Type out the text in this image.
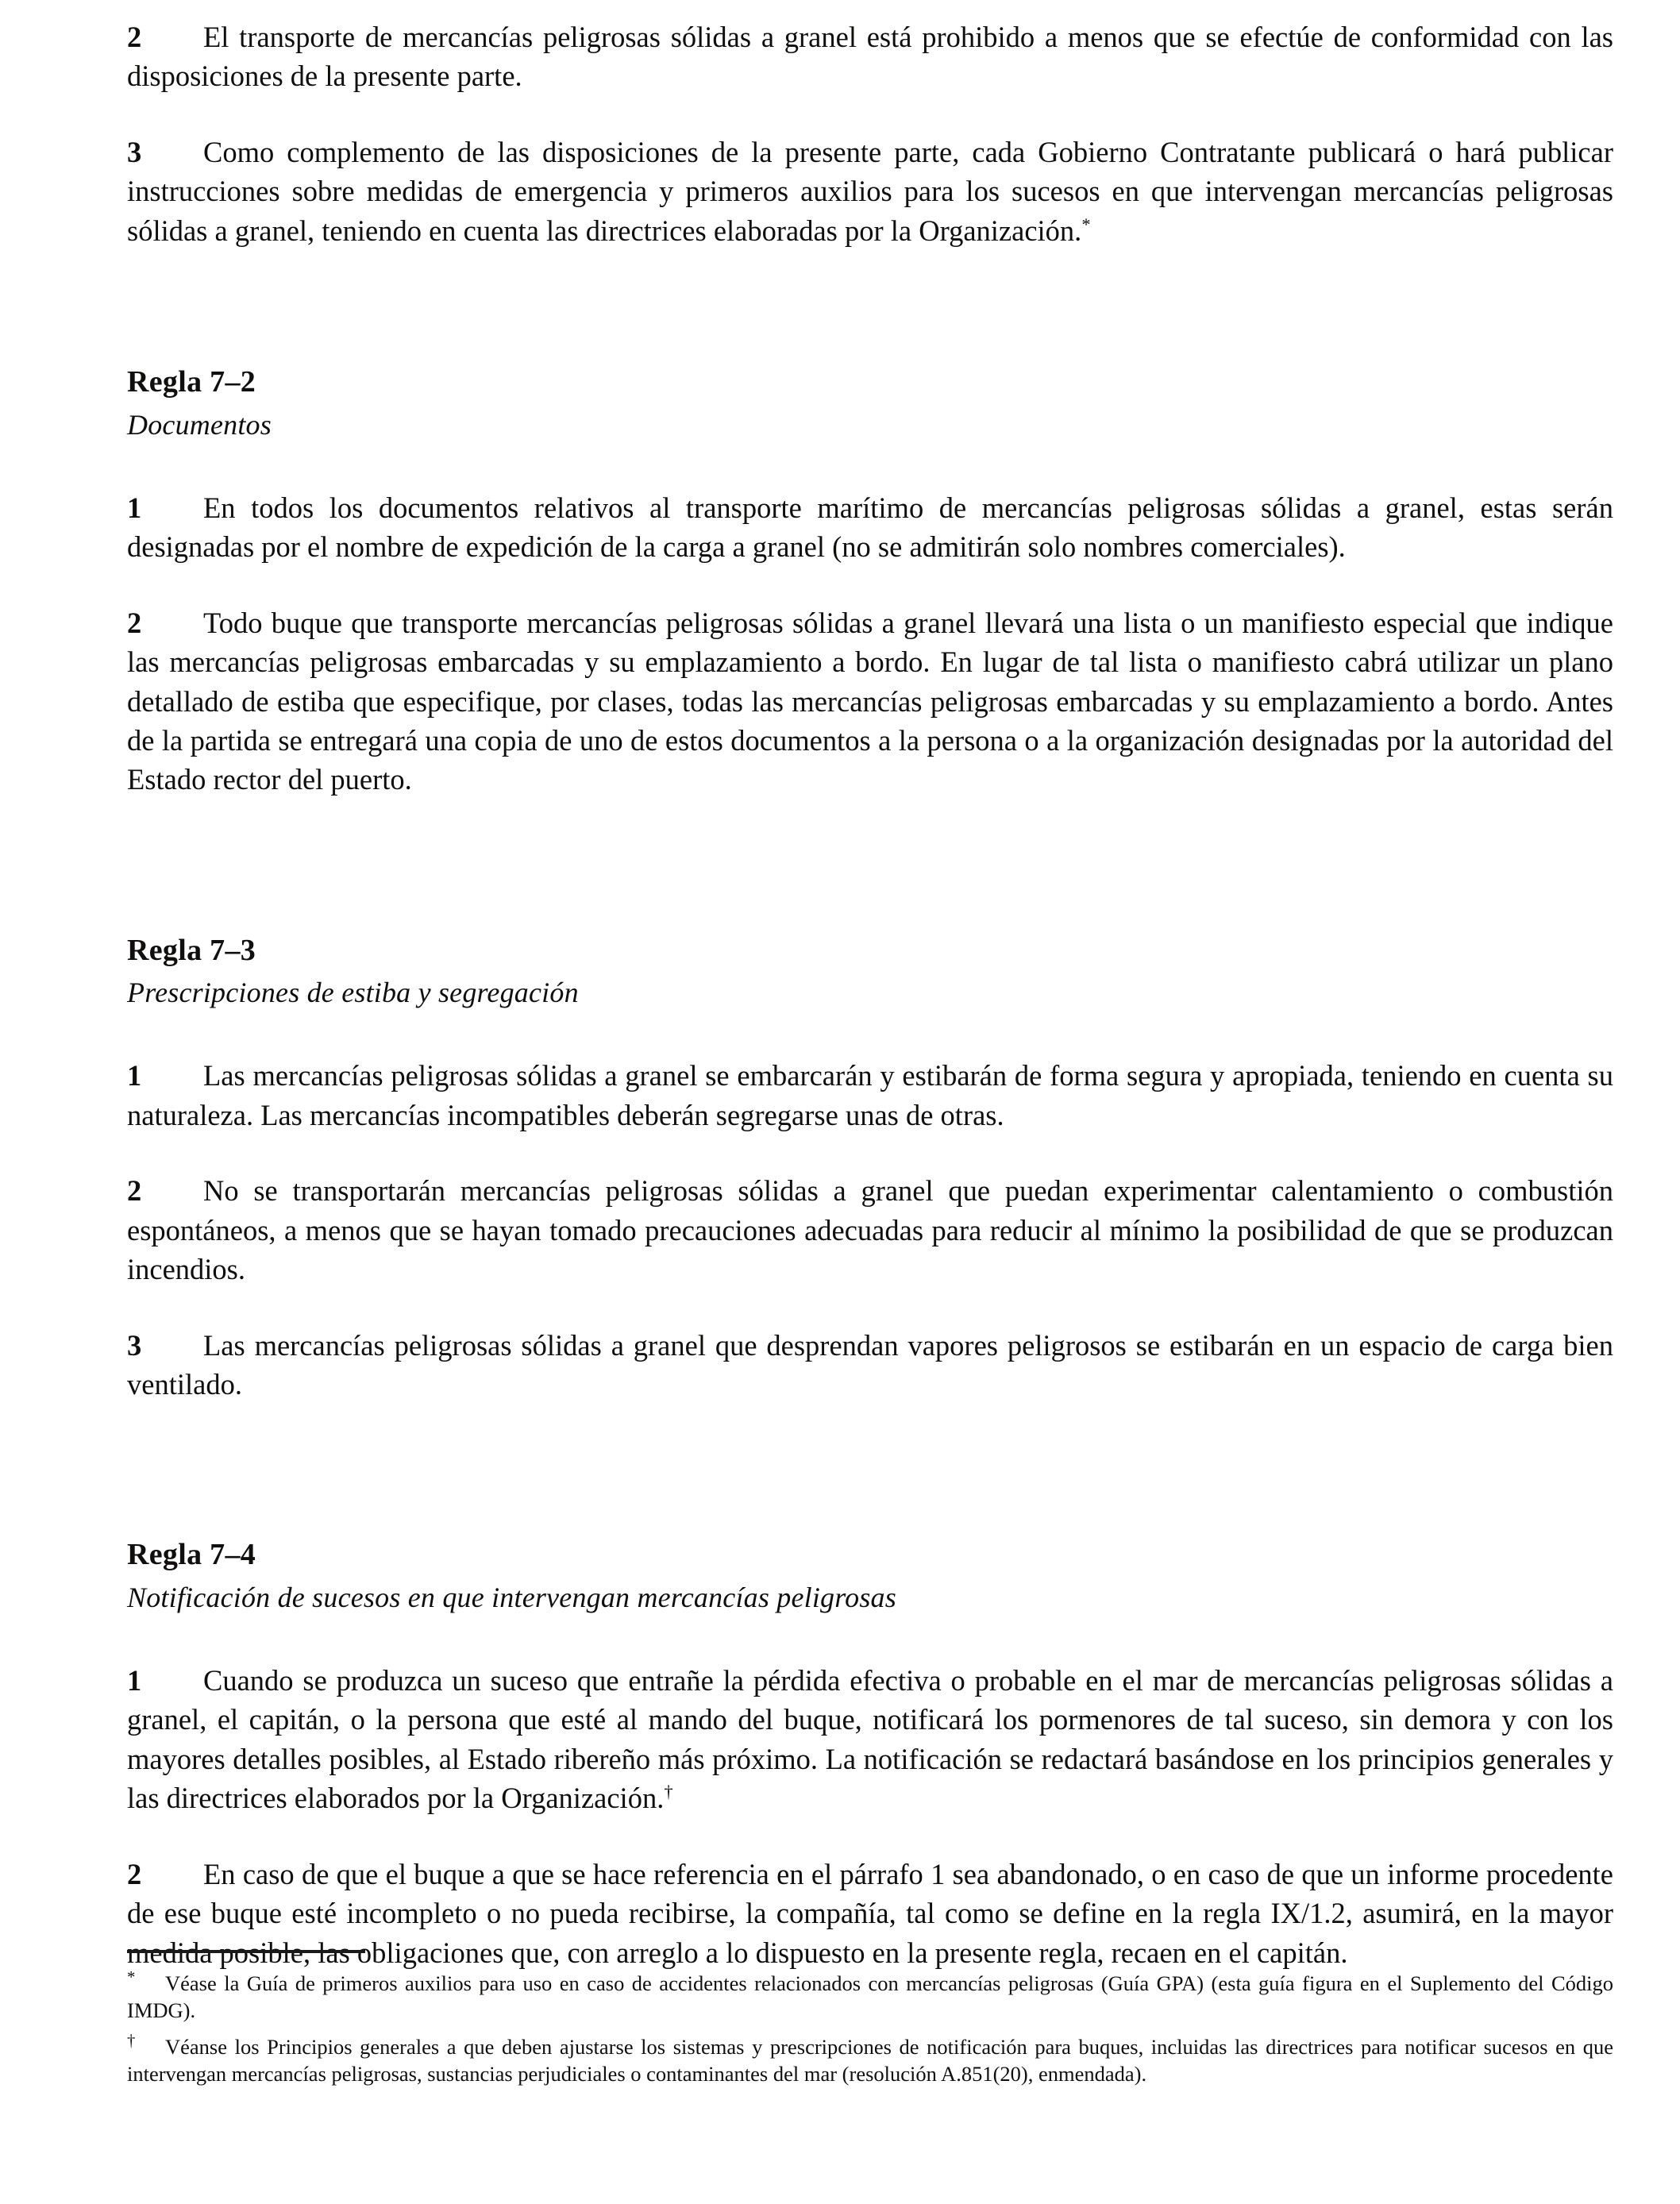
2 El transporte de mercancías peligrosas sólidas a granel está prohibido a menos que se efectúe de conformidad con las disposiciones de la presente parte.

3 Como complemento de las disposiciones de la presente parte, cada Gobierno Contratante publicará o hará publicar instrucciones sobre medidas de emergencia y primeros auxilios para los sucesos en que intervengan mercancías peligrosas sólidas a granel, teniendo en cuenta las directrices elaboradas por la Organización.*

Regla 7–2
Documentos

1 En todos los documentos relativos al transporte marítimo de mercancías peligrosas sólidas a granel, estas serán designadas por el nombre de expedición de la carga a granel (no se admitirán solo nombres comerciales).

2 Todo buque que transporte mercancías peligrosas sólidas a granel llevará una lista o un manifiesto especial que indique las mercancías peligrosas embarcadas y su emplazamiento a bordo. En lugar de tal lista o manifiesto cabrá utilizar un plano detallado de estiba que especifique, por clases, todas las mercancías peligrosas embarcadas y su emplazamiento a bordo. Antes de la partida se entregará una copia de uno de estos documentos a la persona o a la organización designadas por la autoridad del Estado rector del puerto.

Regla 7–3
Prescripciones de estiba y segregación

1 Las mercancías peligrosas sólidas a granel se embarcarán y estibarán de forma segura y apropiada, teniendo en cuenta su naturaleza. Las mercancías incompatibles deberán segregarse unas de otras.

2 No se transportarán mercancías peligrosas sólidas a granel que puedan experimentar calentamiento o combustión espontáneos, a menos que se hayan tomado precauciones adecuadas para reducir al mínimo la posibilidad de que se produzcan incendios.

3 Las mercancías peligrosas sólidas a granel que desprendan vapores peligrosos se estibarán en un espacio de carga bien ventilado.

Regla 7–4
Notificación de sucesos en que intervengan mercancías peligrosas

1 Cuando se produzca un suceso que entrañe la pérdida efectiva o probable en el mar de mercancías peligrosas sólidas a granel, el capitán, o la persona que esté al mando del buque, notificará los pormenores de tal suceso, sin demora y con los mayores detalles posibles, al Estado ribereño más próximo. La notificación se redactará basándose en los principios generales y las directrices elaborados por la Organización.†

2 En caso de que el buque a que se hace referencia en el párrafo 1 sea abandonado, o en caso de que un informe procedente de ese buque esté incompleto o no pueda recibirse, la compañía, tal como se define en la regla IX/1.2, asumirá, en la mayor medida posible, las obligaciones que, con arreglo a lo dispuesto en la presente regla, recaen en el capitán.

* Véase la Guía de primeros auxilios para uso en caso de accidentes relacionados con mercancías peligrosas (Guía GPA) (esta guía figura en el Suplemento del Código IMDG).
† Véanse los Principios generales a que deben ajustarse los sistemas y prescripciones de notificación para buques, incluidas las directrices para notificar sucesos en que intervengan mercancías peligrosas, sustancias perjudiciales o contaminantes del mar (resolución A.851(20), enmendada).
